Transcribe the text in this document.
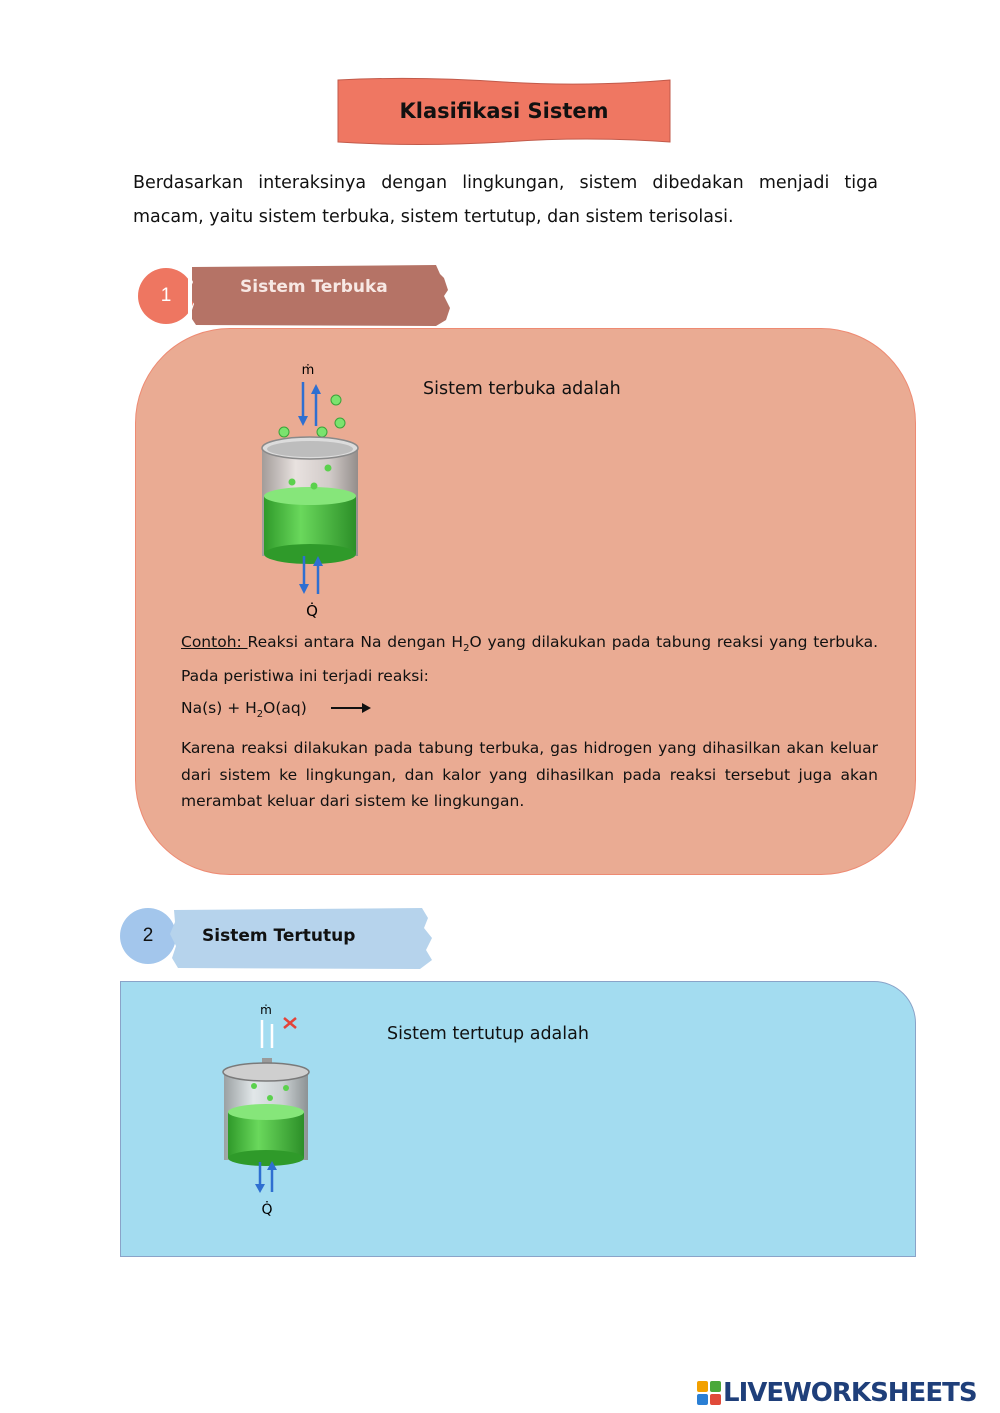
Klasifikasi Sistem
Berdasarkan interaksinya dengan lingkungan, sistem dibedakan menjadi tiga macam, yaitu sistem terbuka, sistem tertutup, dan sistem terisolasi.
1	Sistem Terbuka
ṁ
Q̇
Sistem terbuka adalah

Contoh: Reaksi antara Na dengan $H_2O$ yang dilakukan pada tabung reaksi yang terbuka. Pada peristiwa ini terjadi reaksi:

$Na(s) + H_2O(aq)$ →

Karena reaksi dilakukan pada tabung terbuka, gas hidrogen yang dihasilkan akan keluar dari sistem ke lingkungan, dan kalor yang dihasilkan pada reaksi tersebut juga akan merambat keluar dari sistem ke lingkungan.

2	Sistem Tertutup
ṁ
Q̇
Sistem tertutup adalah
LIVEWORKSHEETS
